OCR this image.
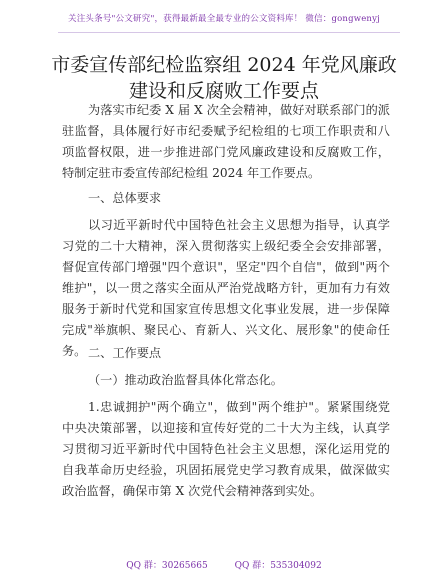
关注头条号"公文研究"，获得最新最全最专业的公文资料库！ 微信：gongwenyj
市委宣传部纪检监察组 2024 年党风廉政建设和反腐败工作要点

为落实市纪委 X 届 X 次全会精神，做好对联系部门的派驻监督，具体履行好市纪委赋予纪检组的七项工作职责和八项监督权限，进一步推进部门党风廉政建设和反腐败工作，特制定驻市委宣传部纪检组 2024 年工作要点。

一、总体要求

以习近平新时代中国特色社会主义思想为指导，认真学习党的二十大精神，深入贯彻落实上级纪委全会安排部署，督促宣传部门增强"四个意识"，坚定"四个自信"，做到"两个维护"，以一贯之落实全面从严治党战略方针，更加有力有效服务于新时代党和国家宣传思想文化事业发展，进一步保障完成"举旗帜、聚民心、育新人、兴文化、展形象"的使命任务。 二、工作要点

（一）推动政治监督具体化常态化。

1.忠诚拥护"两个确立"，做到"两个维护"。紧紧围绕党中央决策部署，以迎接和宣传好党的二十大为主线，认真学习贯彻习近平新时代中国特色社会主义思想，深化运用党的自我革命历史经验，巩固拓展党史学习教育成果，做深做实政治监督，确保市第 X 次党代会精神落到实处。

QQ 群：30265665	QQ 群：535304092
